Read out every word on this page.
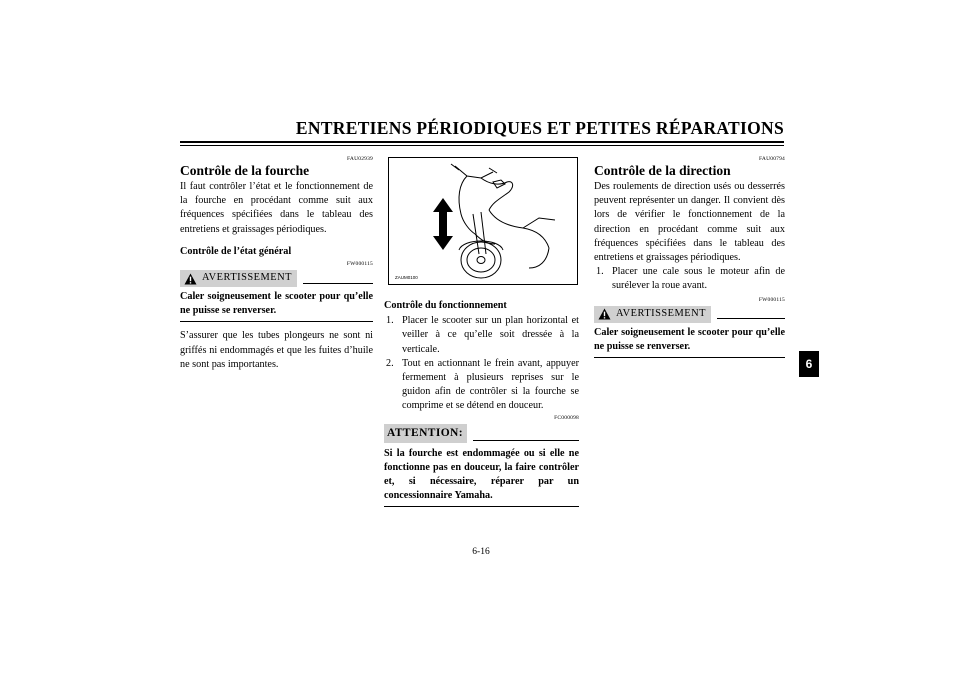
ENTRETIENS PÉRIODIQUES ET PETITES RÉPARATIONS
FAU02939
Contrôle de la fourche

Il faut contrôler l’état et le fonctionnement de la fourche en procédant comme suit aux fréquences spécifiées dans le tableau des entretiens et graissages périodiques.

Contrôle de l’état général
FW000115
AVERTISSEMENT
Caler soigneusement le scooter pour qu’elle ne puisse se renverser.

S’assurer que les tubes plongeurs ne sont ni griffés ni endommagés et que les fuites d’huile ne sont pas importantes.

ZAUM0100
Contrôle du fonctionnement
1. Placer le scooter sur un plan horizontal et veiller à ce qu’elle soit dressée à la verticale.
2. Tout en actionnant le frein avant, appuyer fermement à plusieurs reprises sur le guidon afin de contrôler si la fourche se comprime et se détend en douceur.
FC000098
ATTENTION:
Si la fourche est endommagée ou si elle ne fonctionne pas en douceur, la faire contrôler et, si nécessaire, réparer par un concessionnaire Yamaha.
FAU00794
Contrôle de la direction

Des roulements de direction usés ou desserrés peuvent représenter un danger. Il convient dès lors de vérifier le fonctionnement de la direction en procédant comme suit aux fréquences spécifiées dans le tableau des entretiens et graissages périodiques.

1. Placer une cale sous le moteur afin de surélever la roue avant.
FW000115
AVERTISSEMENT
Caler soigneusement le scooter pour qu’elle ne puisse se renverser.
6
6-16
